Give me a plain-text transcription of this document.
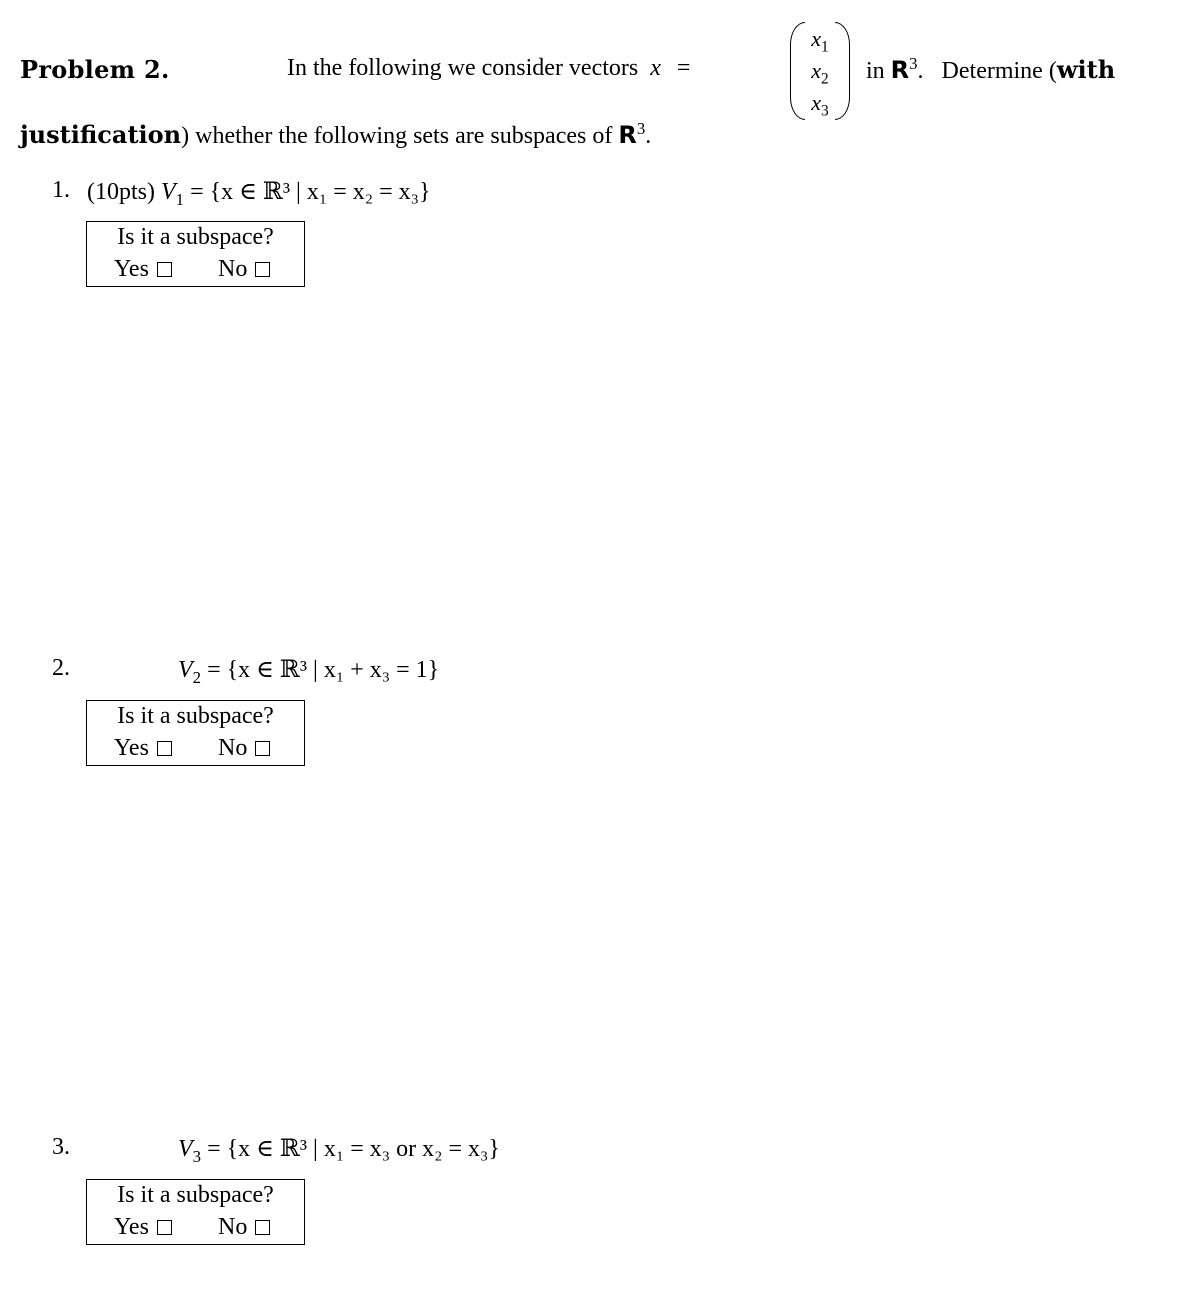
Problem 2.	In the following we consider vectors x =
$x_1$
$x_2$
$x_3$
in $R^3$. Determine (with
justification) whether the following sets are subspaces of $R^3$.
1. (10pts) $V_1 = \{x$ ∈ ℝ³ | x₁ = x₂ = x₃}
Is it a subspace?
Yes	No
2.	$V_2 = \{x$ ∈ ℝ³ | x₁ + x₃ = 1}
Is it a subspace?
Yes	No
3.	$V_3 = \{x$ ∈ ℝ³ | x₁ = x₃ or x₂ = x₃}
Is it a subspace?
Yes	No
